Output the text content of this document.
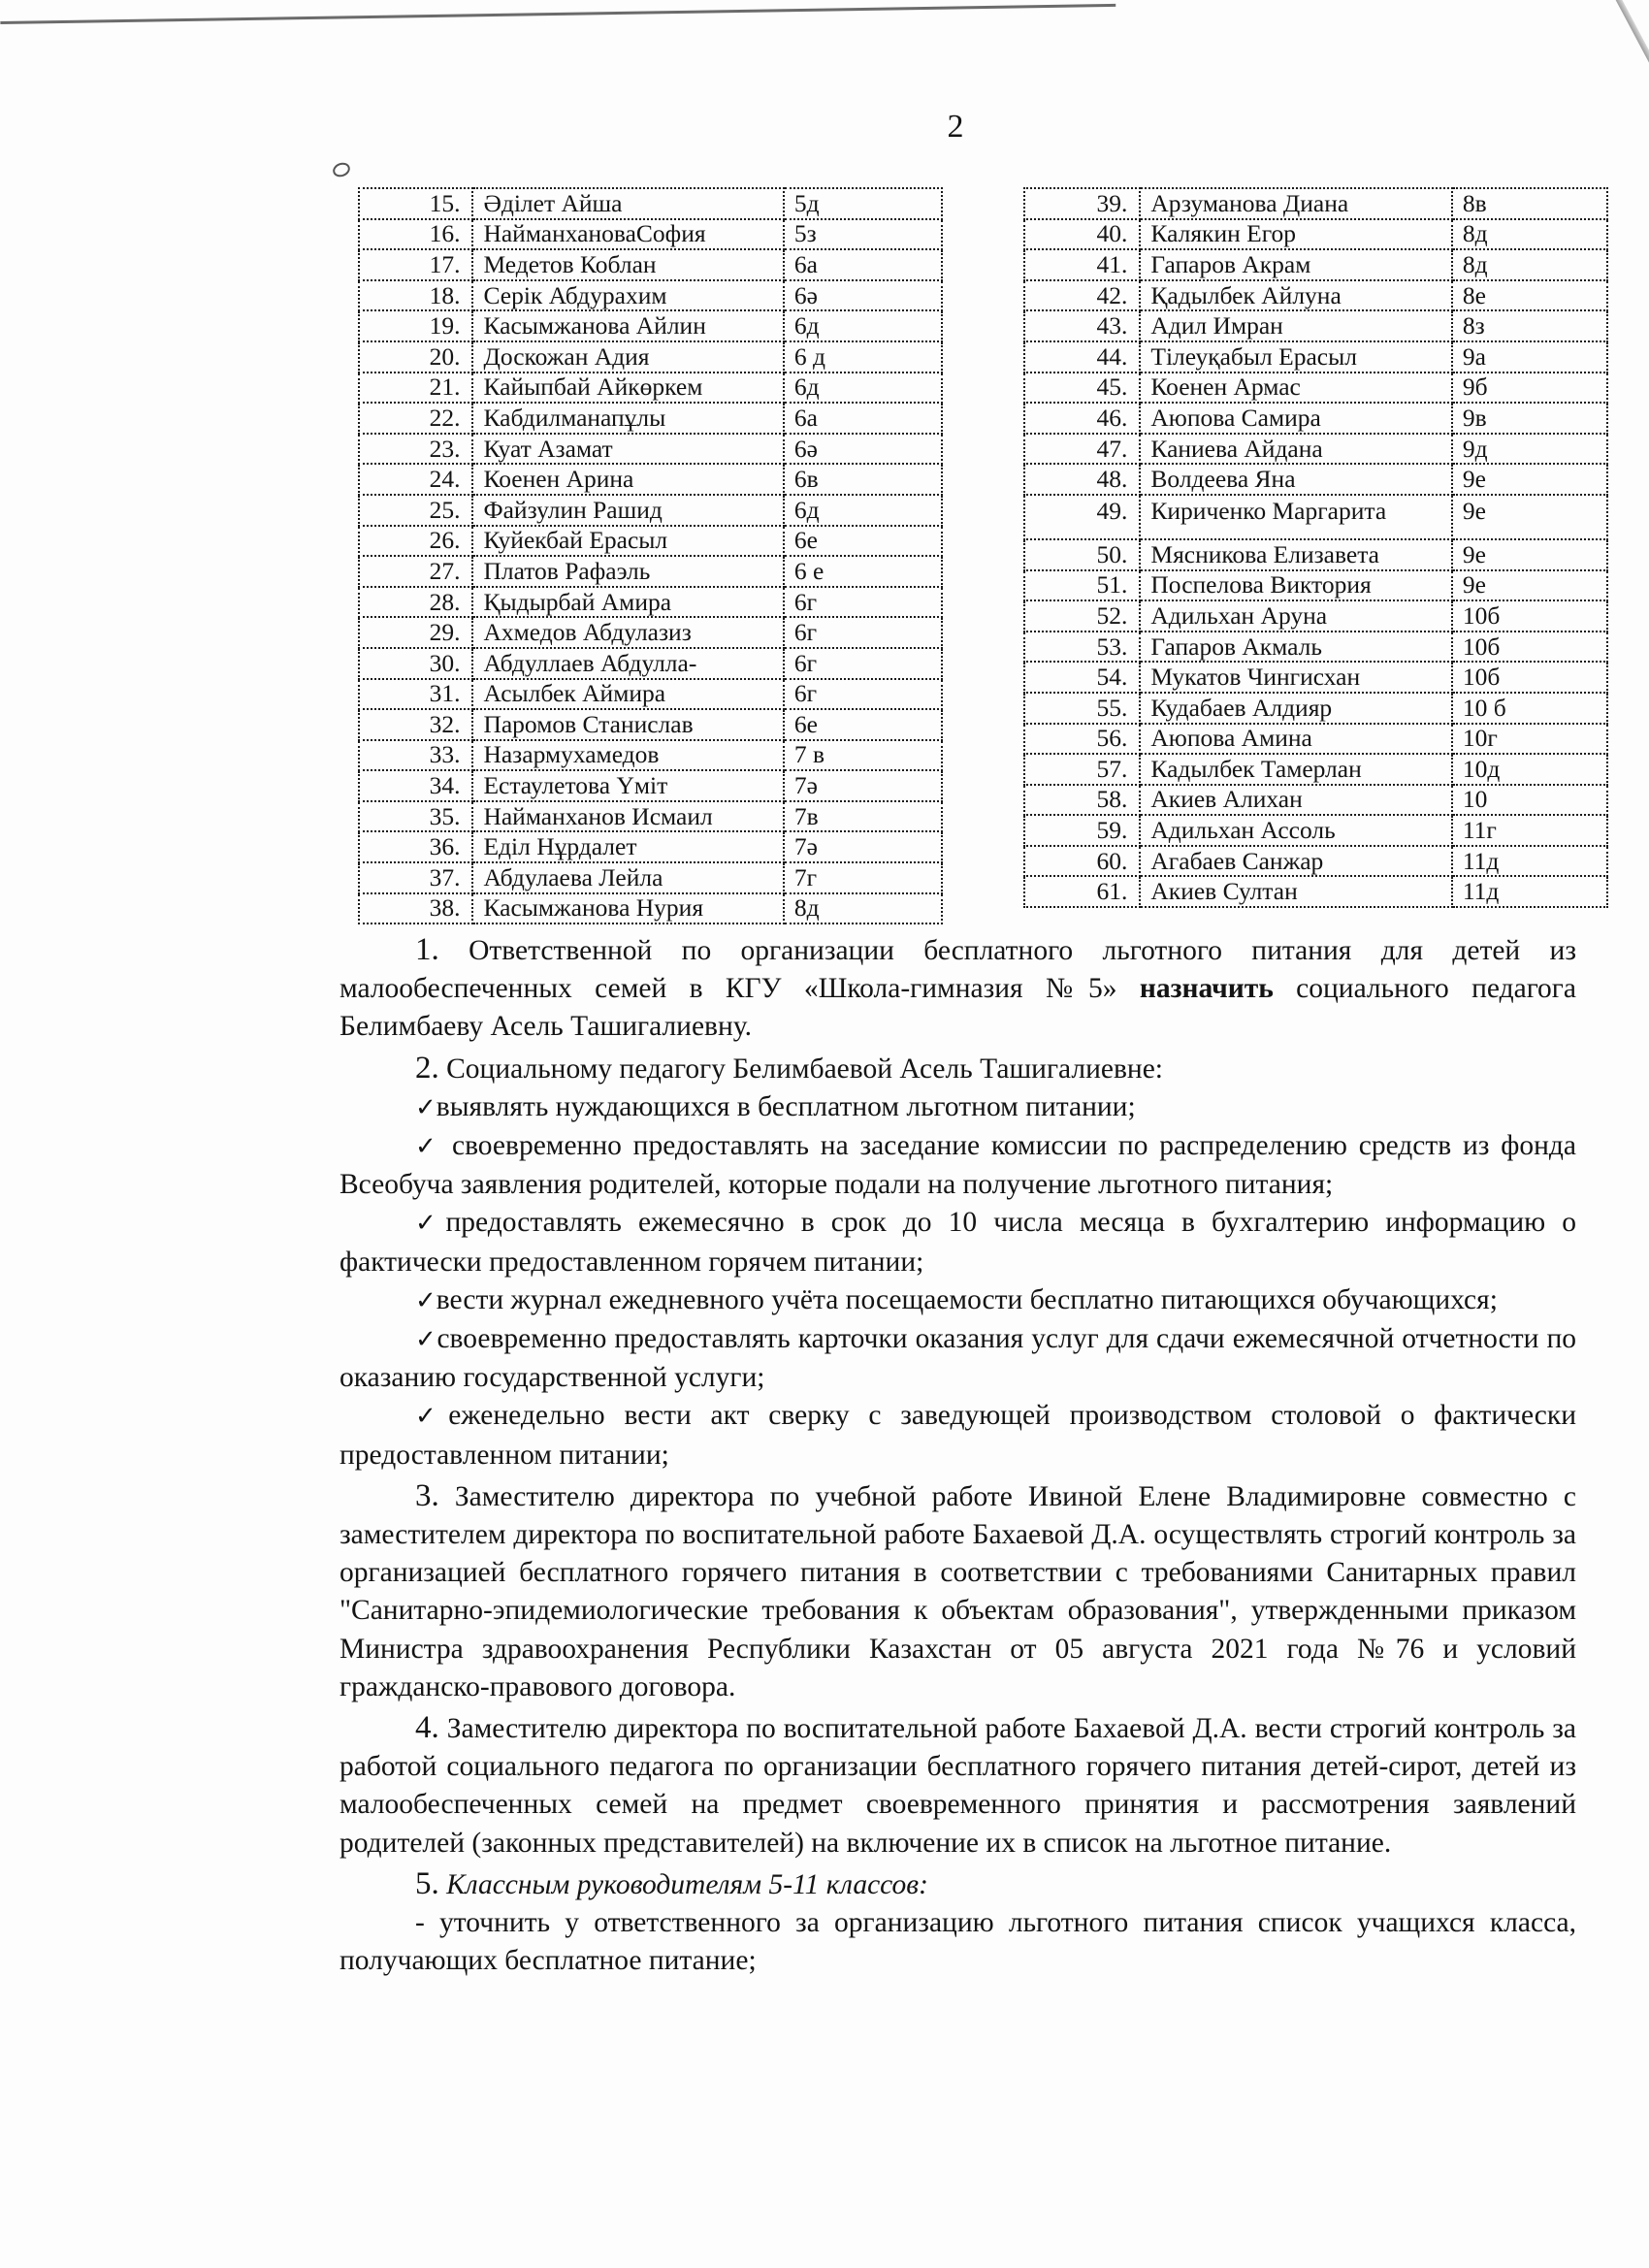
2
15.	Әділет Айша	5д
16.	НайманхановаСофия	5з
17.	Медетов Коблан	6а
18.	Серік Абдурахим	6ә
19.	Касымжанова Айлин	6д
20.	Доскожан Адия	6 д
21.	Кайыпбай Айкөркем	6д
22.	Кабдилманапұлы	6а
23.	Куат Азамат	6ә
24.	Коенен Арина	6в
25.	Файзулин Рашид	6д
26.	Куйекбай Ерасыл	6е
27.	Платов Рафаэль	6 е
28.	Қыдырбай Амира	6г
29.	Ахмедов Абдулазиз	6г
30.	Абдуллаев Абдулла-	6г
31.	Асылбек Аймира	6г
32.	Паромов Станислав	6е
33.	Назармухамедов	7 в
34.	Естаулетова Үміт	7ә
35.	Найманханов Исмаил	7в
36.	Еділ Нұрдалет	7ә
37.	Абдулаева Лейла	7г
38.	Касымжанова Нурия	8д
39.	Арзуманова Диана	8в
40.	Калякин Егор	8д
41.	Гапаров Акрам	8д
42.	Қадылбек Айлуна	8е
43.	Адил Имран	8з
44.	Тілеуқабыл Ерасыл	9а
45.	Коенен Армас	9б
46.	Аюпова Самира	9в
47.	Каниева Айдана	9д
48.	Волдеева Яна	9е
49.	Кириченко Маргарита	9е
50.	Мясникова Елизавета	9е
51.	Поспелова Виктория	9е
52.	Адильхан Аруна	10б
53.	Гапаров Акмаль	10б
54.	Мукатов Чингисхан	10б
55.	Кудабаев Алдияр	10 б
56.	Аюпова Амина	10г
57.	Кадылбек Тамерлан	10д
58.	Акиев Алихан	10
59.	Адильхан Ассоль	11г
60.	Агабаев Санжар	11д
61.	Акиев Султан	11д

1. Ответственной по организации бесплатного льготного питания для детей из малообеспеченных семей в КГУ «Школа-гимназия №5» назначить социального педагога Белимбаеву Асель Ташигалиевну.

2. Социальному педагогу Белимбаевой Асель Ташигалиевне:

✓выявлять нуждающихся в бесплатном льготном питании;

✓ своевременно предоставлять на заседание комиссии по распределению средств из фонда Всеобуча заявления родителей, которые подали на получение льготного питания;

✓предоставлять ежемесячно в срок до 10 числа месяца в бухгалтерию информацию о фактически предоставленном горячем питании;

✓вести журнал ежедневного учёта посещаемости бесплатно питающихся обучающихся;

✓своевременно предоставлять карточки оказания услуг для сдачи ежемесячной отчетности по оказанию государственной услуги;

✓еженедельно вести акт сверку с заведующей производством столовой о фактически предоставленном питании;

3. Заместителю директора по учебной работе Ивиной Елене Владимировне совместно с заместителем директора по воспитательной работе Бахаевой Д.А. осуществлять строгий контроль за организацией бесплатного горячего питания в соответствии с требованиями Санитарных правил "Санитарно-эпидемиологические требования к объектам образования", утвержденными приказом Министра здравоохранения Республики Казахстан от 05 августа 2021 года №76 и условий гражданско-правового договора.

4. Заместителю директора по воспитательной работе Бахаевой Д.А. вести строгий контроль за работой социального педагога по организации бесплатного горячего питания детей-сирот, детей из малообеспеченных семей на предмет своевременного принятия и рассмотрения заявлений родителей (законных представителей) на включение их в список на льготное питание.

5. Классным руководителям 5-11 классов:

- уточнить у ответственного за организацию льготного питания список учащихся класса, получающих бесплатное питание;
